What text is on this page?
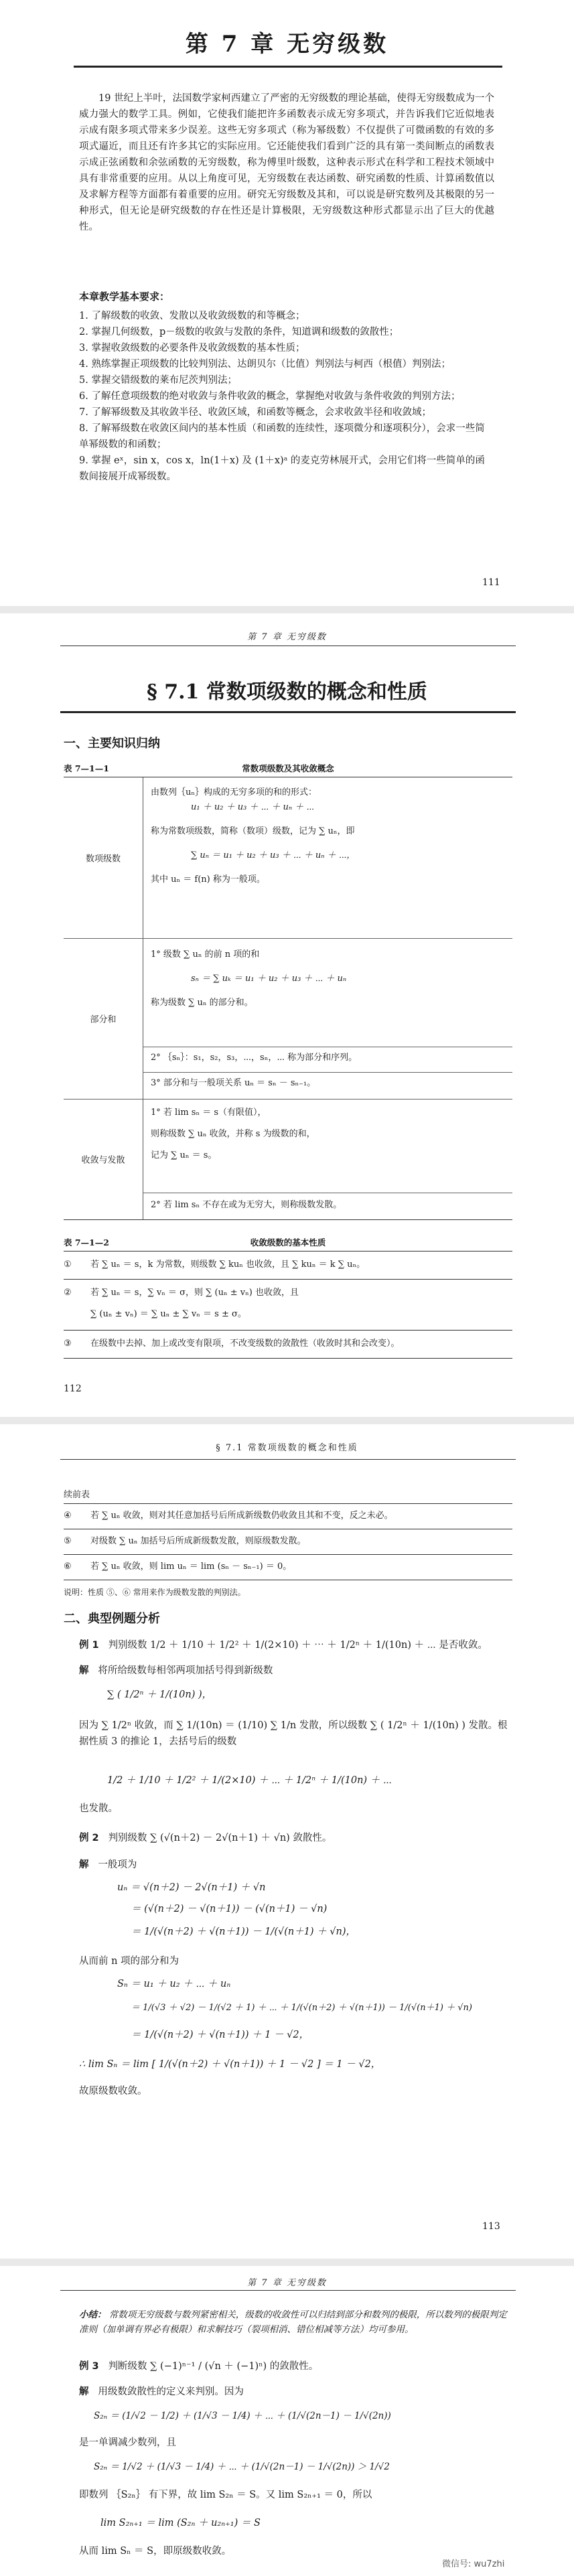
第 7 章 无穷级数

19 世纪上半叶，法国数学家柯西建立了严密的无穷级数的理论基础，使得无穷级数成为一个威力强大的数学工具。例如，它使我们能把许多函数表示成无穷多项式，并告诉我们它近似地表示成有限多项式带来多少误差。这些无穷多项式（称为幂级数）不仅提供了可微函数的有效的多项式逼近，而且还有许多其它的实际应用。它还能使我们看到广泛的具有第一类间断点的函数表示成正弦函数和余弦函数的无穷级数，称为傅里叶级数，这种表示形式在科学和工程技术领域中具有非常重要的应用。从以上角度可见，无穷级数在表达函数、研究函数的性质、计算函数值以及求解方程等方面都有着重要的应用。研究无穷级数及其和，可以说是研究数列及其极限的另一种形式，但无论是研究级数的存在性还是计算极限，无穷级数这种形式都显示出了巨大的优越性。

本章教学基本要求：
1. 了解级数的收敛、发散以及收敛级数的和等概念；
2. 掌握几何级数，p－级数的收敛与发散的条件，知道调和级数的敛散性；
3. 掌握收敛级数的必要条件及收敛级数的基本性质；
4. 熟练掌握正项级数的比较判别法、达朗贝尔（比值）判别法与柯西（根值）判别法；
5. 掌握交错级数的莱布尼茨判别法；
6. 了解任意项级数的绝对收敛与条件收敛的概念，掌握绝对收敛与条件收敛的判别方法；
7. 了解幂级数及其收敛半径、收敛区域，和函数等概念，会求收敛半径和收敛域；
8. 了解幂级数在收敛区间内的基本性质（和函数的连续性，逐项微分和逐项积分），会求一些简单幂级数的和函数；
9. 掌握 eˣ，sin x，cos x，ln(1＋x) 及 (1＋x)ᵃ 的麦克劳林展开式，会用它们将一些简单的函数间接展开成幂级数。
111
第 7 章 无穷级数
§ 7.1 常数项级数的概念和性质
一、主要知识归纳
表 7—1—1	常数项级数及其收敛概念
数项级数
由数列｛uₙ｝构成的无穷多项的和的形式：
u₁ ＋ u₂ ＋ u₃ ＋ ⋯ ＋ uₙ ＋ ⋯
称为常数项级数，简称（数项）级数，记为 ∑ uₙ，即
∑ uₙ ＝ u₁ ＋ u₂ ＋ u₃ ＋ ⋯ ＋ uₙ ＋ ⋯，
其中 uₙ ＝ f(n) 称为一般项。
部分和
1° 级数 ∑ uₙ 的前 n 项的和
sₙ ＝ ∑ uₖ ＝ u₁ ＋ u₂ ＋ u₃ ＋ ⋯ ＋ uₙ
称为级数 ∑ uₙ 的部分和。
2° ｛sₙ｝：s₁，s₂，s₃，⋯，sₙ，⋯ 称为部分和序列。
3° 部分和与一般项关系 uₙ ＝ sₙ － sₙ₋₁。
收敛与发散
1° 若 lim sₙ ＝ s（有限值），
则称级数 ∑ uₙ 收敛，并称 s 为级数的和，
记为 ∑ uₙ ＝ s。
2° 若 lim sₙ 不存在或为无穷大，则称级数发散。
表 7—1—2	收敛级数的基本性质
① 若 ∑ uₙ ＝ s，k 为常数，则级数 ∑ kuₙ 也收敛，且 ∑ kuₙ ＝ k ∑ uₙ。
② 若 ∑ uₙ ＝ s，∑ vₙ ＝ σ，则 ∑ (uₙ ± vₙ) 也收敛，且
∑ (uₙ ± vₙ) ＝ ∑ uₙ ± ∑ vₙ ＝ s ± σ。
③ 在级数中去掉、加上或改变有限项，不改变级数的敛散性（收敛时其和会改变）。
112
§ 7.1 常数项级数的概念和性质
续前表
④ 若 ∑ uₙ 收敛，则对其任意加括号后所成新级数仍收敛且其和不变，反之未必。
⑤ 对级数 ∑ uₙ 加括号后所成新级数发散，则原级数发散。
⑥ 若 ∑ uₙ 收敛，则 lim uₙ ＝ lim (sₙ － sₙ₋₁) ＝ 0。
说明：性质 ⑤、⑥ 常用来作为级数发散的判别法。
二、典型例题分析
例 1 判别级数 1/2 ＋ 1/10 ＋ 1/2² ＋ 1/(2×10) ＋ ⋯ ＋ 1/2ⁿ ＋ 1/(10n) ＋ ⋯ 是否收敛。
解 将所给级数每相邻两项加括号得到新级数
∑ ( 1/2ⁿ ＋ 1/(10n) )，
因为 ∑ 1/2ⁿ 收敛，而 ∑ 1/(10n) ＝ (1/10) ∑ 1/n 发散，所以级数 ∑ ( 1/2ⁿ ＋ 1/(10n) ) 发散。根据性质 3 的推论 1，去括号后的级数
1/2 ＋ 1/10 ＋ 1/2² ＋ 1/(2×10) ＋ ⋯ ＋ 1/2ⁿ ＋ 1/(10n) ＋ ⋯
也发散。
例 2 判别级数 ∑ (√(n＋2) － 2√(n＋1) ＋ √n) 敛散性。
解 一般项为
uₙ ＝ √(n＋2) － 2√(n＋1) ＋ √n
＝ (√(n＋2) － √(n＋1)) － (√(n＋1) － √n)
＝ 1/(√(n＋2) ＋ √(n＋1)) － 1/(√(n＋1) ＋ √n)，
从而前 n 项的部分和为
Sₙ ＝ u₁ ＋ u₂ ＋ ⋯ ＋ uₙ
＝ 1/(√3 ＋ √2) － 1/(√2 ＋ 1) ＋ ⋯ ＋ 1/(√(n＋2) ＋ √(n＋1)) － 1/(√(n＋1) ＋ √n)
＝ 1/(√(n＋2) ＋ √(n＋1)) ＋ 1 － √2，
∴ lim Sₙ ＝ lim [ 1/(√(n＋2) ＋ √(n＋1)) ＋ 1 － √2 ] ＝ 1 － √2，
故原级数收敛。
113
第 7 章 无穷级数
小结： 常数项无穷级数与数列紧密相关，级数的收敛性可以归结到部分和数列的极限，所以数列的极限判定准则（加单调有界必有极限）和求解技巧（裂项相消、错位相减等方法）均可参用。
例 3 判断级数 ∑ (−1)ⁿ⁻¹ / (√n ＋ (−1)ⁿ) 的敛散性。
解 用级数敛散性的定义来判别。因为
S₂ₙ ＝ (1/√2 － 1/2) ＋ (1/√3 － 1/4) ＋ ⋯ ＋ (1/√(2n－1) － 1/√(2n))
是一单调减少数列，且
S₂ₙ ＝ 1/√2 ＋ (1/√3 － 1/4) ＋ ⋯ ＋ (1/√(2n－1) － 1/√(2n)) ＞ 1/√2
即数列 ｛S₂ₙ｝ 有下界，故 lim S₂ₙ ＝ S。又 lim S₂ₙ₊₁ ＝ 0，所以
lim S₂ₙ₊₁ ＝ lim (S₂ₙ ＋ u₂ₙ₊₁) ＝ S
从而 lim Sₙ ＝ S，即原级数收敛。
微信号: wu7zhi
